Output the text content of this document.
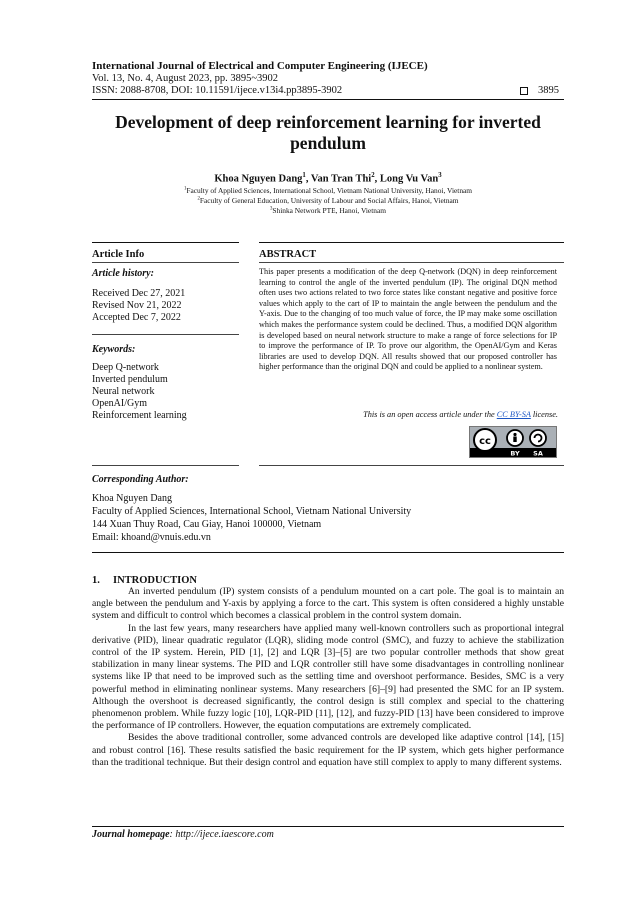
International Journal of Electrical and Computer Engineering (IJECE)
Vol. 13, No. 4, August 2023, pp. 3895~3902
ISSN: 2088-8708, DOI: 10.11591/ijece.v13i4.pp3895-3902	3895
Development of deep reinforcement learning for inverted pendulum
Khoa Nguyen Dang$^1$, Van Tran Thi$^2$, Long Vu Van$^3$
$^1$Faculty of Applied Sciences, International School, Vietnam National University, Hanoi, Vietnam
$^2$Faculty of General Education, University of Labour and Social Affairs, Hanoi, Vietnam
$^3$Shinka Network PTE, Hanoi, Vietnam
Article Info	ABSTRACT
Article history:
Received Dec 27, 2021
Revised Nov 21, 2022
Accepted Dec 7, 2022
Keywords:
Deep Q-network
Inverted pendulum
Neural network
OpenAI/Gym
Reinforcement learning
This paper presents a modification of the deep Q-network (DQN) in deep reinforcement learning to control the angle of the inverted pendulum (IP). The original DQN method often uses two actions related to two force states like constant negative and positive force values which apply to the cart of IP to maintain the angle between the pendulum and the Y-axis. Due to the changing of too much value of force, the IP may make some oscillation which makes the performance system could be declined. Thus, a modified DQN algorithm is developed based on neural network structure to make a range of force selections for IP to improve the performance of IP. To prove our algorithm, the OpenAI/Gym and Keras libraries are used to develop DQN. All results showed that our proposed controller has higher performance than the original DQN and could be applied to a nonlinear system.
This is an open access article under the CC BY-SA license.
cc
BY SA
Corresponding Author:
Khoa Nguyen Dang
Faculty of Applied Sciences, International School, Vietnam National University
144 Xuan Thuy Road, Cau Giay, Hanoi 100000, Vietnam
Email: khoand@vnuis.edu.vn
1. INTRODUCTION

An inverted pendulum (IP) system consists of a pendulum mounted on a cart pole. The goal is to maintain an angle between the pendulum and Y-axis by applying a force to the cart. This system is often considered a highly unstable system and difficult to control which becomes a classical problem in the control system domain.

In the last few years, many researchers have applied many well-known controllers such as proportional integral derivative (PID), linear quadratic regulator (LQR), sliding mode control (SMC), and fuzzy to achieve the stabilization control of the IP system. Herein, PID [1], [2] and LQR [3]–[5] are two popular controller methods that show great stabilization in many linear systems. The PID and LQR controller still have some disadvantages in controlling nonlinear systems like IP that need to be improved such as the settling time and overshoot performance. Besides, SMC is a very powerful method in eliminating nonlinear systems. Many researchers [6]–[9] had presented the SMC for an IP system. Although the overshoot is decreased significantly, the control design is still complex and special to the chattering phenomenon problem. While fuzzy logic [10], LQR-PID [11], [12], and fuzzy-PID [13] have been considered to improve the performance of IP controllers. However, the equation computations are extremely complicated.

Besides the above traditional controller, some advanced controls are developed like adaptive control [14], [15] and robust control [16]. These results satisfied the basic requirement for the IP system, which gets higher performance than the traditional technique. But their design control and equation have still complex to apply to many different systems.

Journal homepage: http://ijece.iaescore.com
